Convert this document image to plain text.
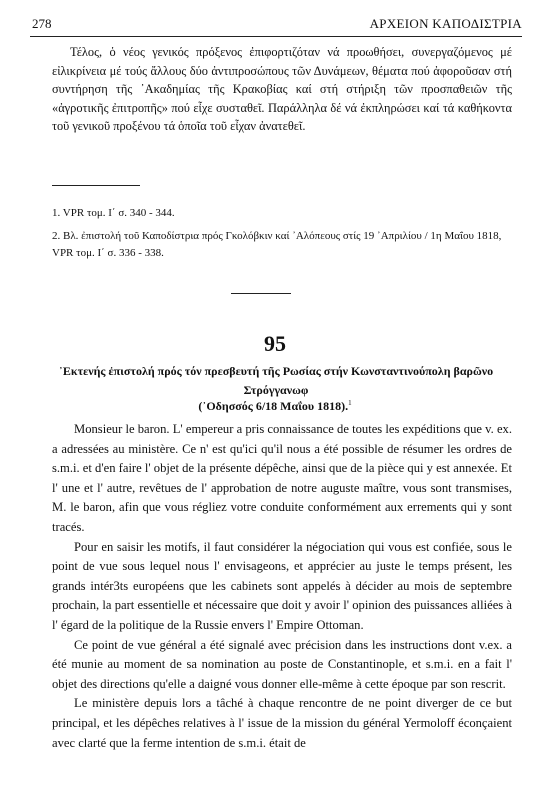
278	ΑΡΧΕΙΟΝ ΚΑΠΟΔΙΣΤΡΙΑ

Τέλος, ὁ νέος γενικός πρόξενος ἐπιφορτιζόταν νά προωθήσει, συνεργαζόμενος μέ εἰλικρίνεια μέ τούς ἄλλους δύο ἀντιπροσώπους τῶν Δυνάμεων, θέματα πού ἀφοροῦσαν στή συντήρηση τῆς ᾽Ακαδημίας τῆς Κρακοβίας καί στή στήριξη τῶν προσπαθειῶν τῆς «ἀγροτικῆς ἐπιτροπῆς» πού εἶχε συσταθεῖ. Παράλληλα δέ νά ἐκπληρώσει καί τά καθήκοντα τοῦ γενικοῦ προξένου τά ὁποῖα τοῦ εἶχαν ἀνατεθεῖ.

1. VPR τομ. Ι΄ σ. 340 - 344.

2. Βλ. ἐπιστολή τοῦ Καποδίστρια πρός Γκολόβκιν καί ᾽Αλόπεους στίς 19 ᾽Απριλίου / 1η Μαΐου 1818, VPR τομ. Ι΄ σ. 336 - 338.

95
᾽Εκτενής ἐπιστολή πρός τόν πρεσβευτή τῆς Ρωσίας στήν Κωνσταντινούπολη βαρῶνο
Στρόγγανωφ
(᾽Οδησσός 6/18 Μαΐου 1818).$^1$

Monsieur le baron. L' empereur a pris connaissance de toutes les expéditions que v. ex. a adressées au ministère. Ce n' est qu'ici qu'il nous a été possible de résumer les ordres de s.m.i. et d'en faire l' objet de la présente dépêche, ainsi que de la pièce qui y est annexée. Et l' une et l' autre, revêtues de l' approbation de notre auguste maître, vous sont transmises, M. le baron, afin que vous régliez votre conduite conformément aux errements qui y sont tracés.

Pour en saisir les motifs, il faut considérer la négociation qui vous est confiée, sous le point de vue sous lequel nous l' envisageons, et apprécier au juste le temps présent, les grands intér3ts européens que les cabinets sont appelés à décider au mois de septembre prochain, la part essentielle et nécessaire que doit y avoir l' opinion des puissances alliées à l' égard de la politique de la Russie envers l' Empire Ottoman.

Ce point de vue général a été signalé avec précision dans les instructions dont v.ex. a été munie au moment de sa nomination au poste de Constantinople, et s.m.i. en a fait l' objet des directions qu'elle a daigné vous donner elle-même à cette époque par son rescrit.

Le ministère depuis lors a tâché à chaque rencontre de ne point diverger de ce but principal, et les dépêches relatives à l' issue de la mission du général Yermoloff éconçaient avec clarté que la ferme intention de s.m.i. était de
